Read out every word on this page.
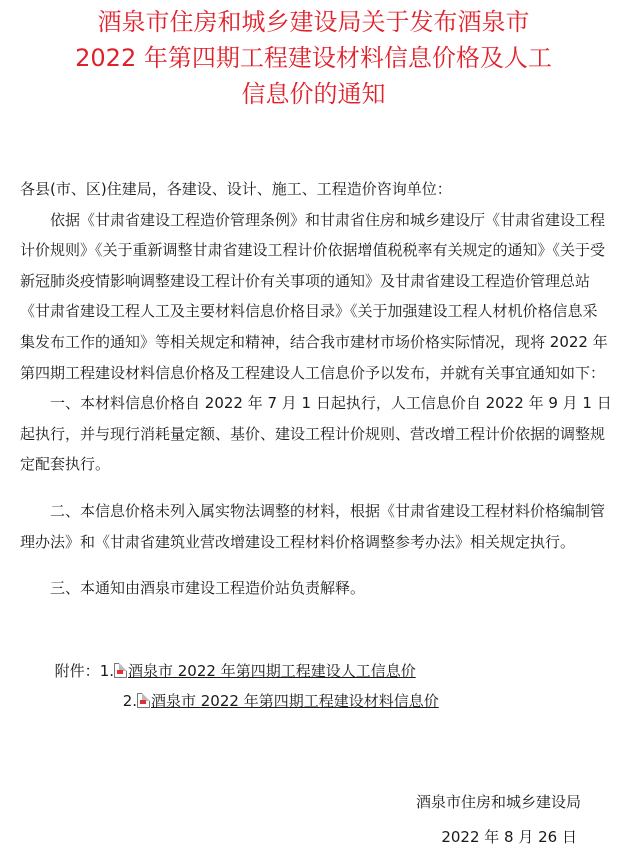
酒泉市住房和城乡建设局关于发布酒泉市
2022 年第四期工程建设材料信息价格及人工
信息价的通知

各县(市、区)住建局，各建设、设计、施工、工程造价咨询单位：

依据《甘肃省建设工程造价管理条例》和甘肃省住房和城乡建设厅《甘肃省建设工程计价规则》《关于重新调整甘肃省建设工程计价依据增值税税率有关规定的通知》《关于受新冠肺炎疫情影响调整建设工程计价有关事项的通知》及甘肃省建设工程造价管理总站《甘肃省建设工程人工及主要材料信息价格目录》《关于加强建设工程人材机价格信息采集发布工作的通知》等相关规定和精神，结合我市建材市场价格实际情况，现将 2022 年第四期工程建设材料信息价格及工程建设人工信息价予以发布，并就有关事宜通知如下：

一、本材料信息价格自 2022 年 7 月 1 日起执行，人工信息价自 2022 年 9 月 1 日起执行，并与现行消耗量定额、基价、建设工程计价规则、营改增工程计价依据的调整规定配套执行。

二、本信息价格未列入属实物法调整的材料，根据《甘肃省建设工程材料价格编制管理办法》和《甘肃省建筑业营改增建设工程材料价格调整参考办法》相关规定执行。

三、本通知由酒泉市建设工程造价站负责解释。

附件：1. 酒泉市 2022 年第四期工程建设人工信息价
2. 酒泉市 2022 年第四期工程建设材料信息价
酒泉市住房和城乡建设局
2022 年 8 月 26 日
